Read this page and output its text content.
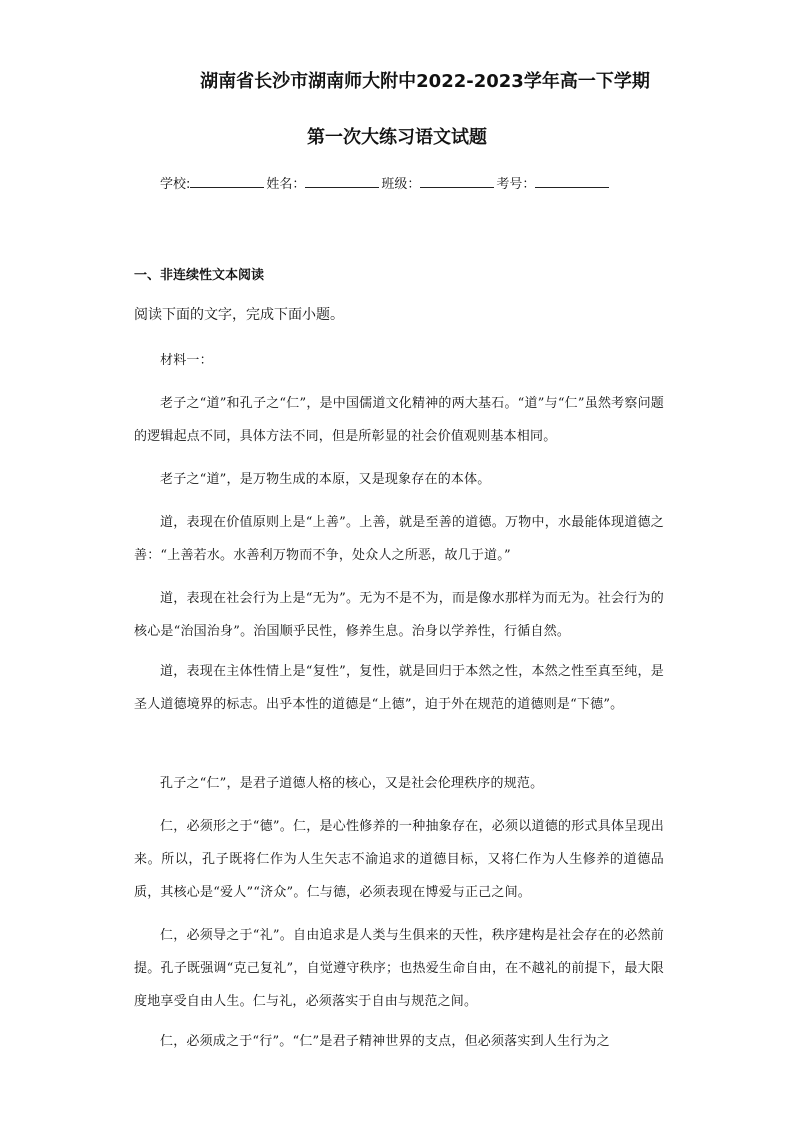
湖南省长沙市湖南师大附中2022-2023学年高一下学期
第一次大练习语文试题
学校:	姓名：	班级：	考号：
一、非连续性文本阅读
阅读下面的文字，完成下面小题。

材料一：

老子之“道”和孔子之“仁”，是中国儒道文化精神的两大基石。“道”与“仁”虽然考察问题的逻辑起点不同，具体方法不同，但是所彰显的社会价值观则基本相同。

老子之“道”，是万物生成的本原，又是现象存在的本体。

道，表现在价值原则上是“上善”。上善，就是至善的道德。万物中，水最能体现道德之善：“上善若水。水善利万物而不争，处众人之所恶，故几于道。”

道，表现在社会行为上是“无为”。无为不是不为，而是像水那样为而无为。社会行为的核心是“治国治身”。治国顺乎民性，修养生息。治身以学养性，行循自然。

道，表现在主体性情上是“复性”，复性，就是回归于本然之性，本然之性至真至纯，是圣人道德境界的标志。出乎本性的道德是“上德”，迫于外在规范的道德则是“下德”。

孔子之“仁”，是君子道德人格的核心，又是社会伦理秩序的规范。

仁，必须形之于“德”。仁，是心性修养的一种抽象存在，必须以道德的形式具体呈现出来。所以，孔子既将仁作为人生矢志不渝追求的道德目标，又将仁作为人生修养的道德品质，其核心是“爱人”“济众”。仁与德，必须表现在博爱与正己之间。

仁，必须导之于“礼”。自由追求是人类与生俱来的天性，秩序建构是社会存在的必然前提。孔子既强调“克己复礼”，自觉遵守秩序；也热爱生命自由，在不越礼的前提下，最大限度地享受自由人生。仁与礼，必须落实于自由与规范之间。

仁，必须成之于“行”。“仁”是君子精神世界的支点，但必须落实到人生行为之
